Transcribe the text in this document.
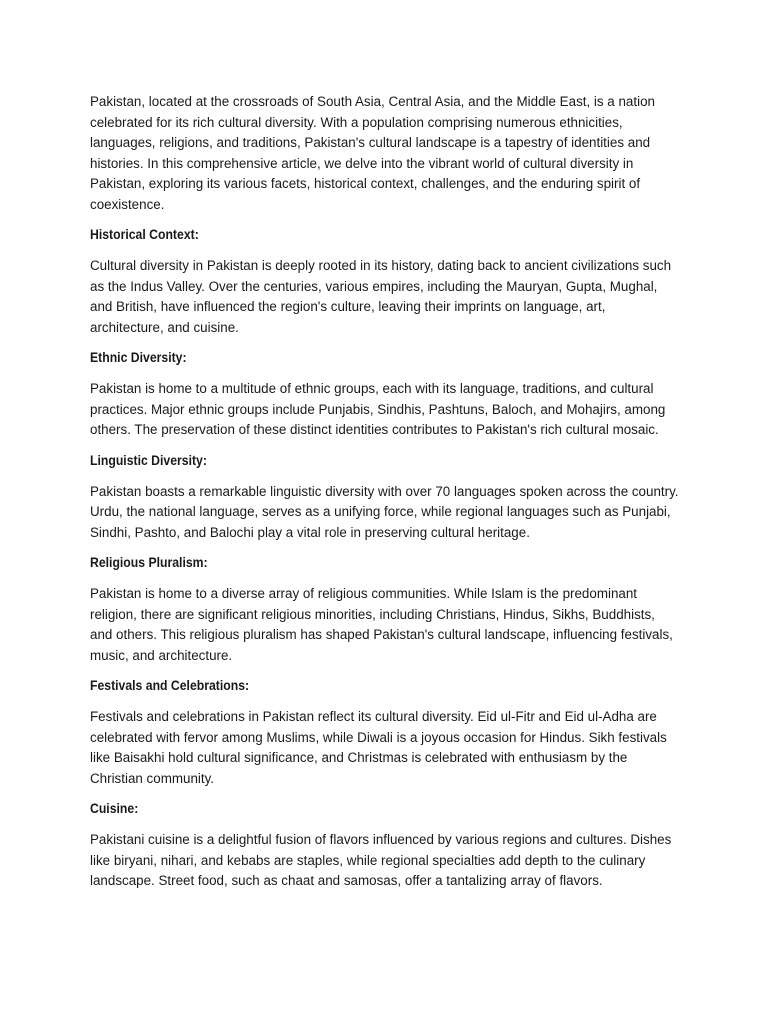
Pakistan, located at the crossroads of South Asia, Central Asia, and the Middle East, is a nation celebrated for its rich cultural diversity. With a population comprising numerous ethnicities, languages, religions, and traditions, Pakistan's cultural landscape is a tapestry of identities and histories. In this comprehensive article, we delve into the vibrant world of cultural diversity in Pakistan, exploring its various facets, historical context, challenges, and the enduring spirit of coexistence.

Historical Context:

Cultural diversity in Pakistan is deeply rooted in its history, dating back to ancient civilizations such as the Indus Valley. Over the centuries, various empires, including the Mauryan, Gupta, Mughal, and British, have influenced the region's culture, leaving their imprints on language, art, architecture, and cuisine.

Ethnic Diversity:

Pakistan is home to a multitude of ethnic groups, each with its language, traditions, and cultural practices. Major ethnic groups include Punjabis, Sindhis, Pashtuns, Baloch, and Mohajirs, among others. The preservation of these distinct identities contributes to Pakistan's rich cultural mosaic.

Linguistic Diversity:

Pakistan boasts a remarkable linguistic diversity with over 70 languages spoken across the country. Urdu, the national language, serves as a unifying force, while regional languages such as Punjabi, Sindhi, Pashto, and Balochi play a vital role in preserving cultural heritage.

Religious Pluralism:

Pakistan is home to a diverse array of religious communities. While Islam is the predominant religion, there are significant religious minorities, including Christians, Hindus, Sikhs, Buddhists, and others. This religious pluralism has shaped Pakistan's cultural landscape, influencing festivals, music, and architecture.

Festivals and Celebrations:

Festivals and celebrations in Pakistan reflect its cultural diversity. Eid ul-Fitr and Eid ul-Adha are celebrated with fervor among Muslims, while Diwali is a joyous occasion for Hindus. Sikh festivals like Baisakhi hold cultural significance, and Christmas is celebrated with enthusiasm by the Christian community.

Cuisine:

Pakistani cuisine is a delightful fusion of flavors influenced by various regions and cultures. Dishes like biryani, nihari, and kebabs are staples, while regional specialties add depth to the culinary landscape. Street food, such as chaat and samosas, offer a tantalizing array of flavors.
